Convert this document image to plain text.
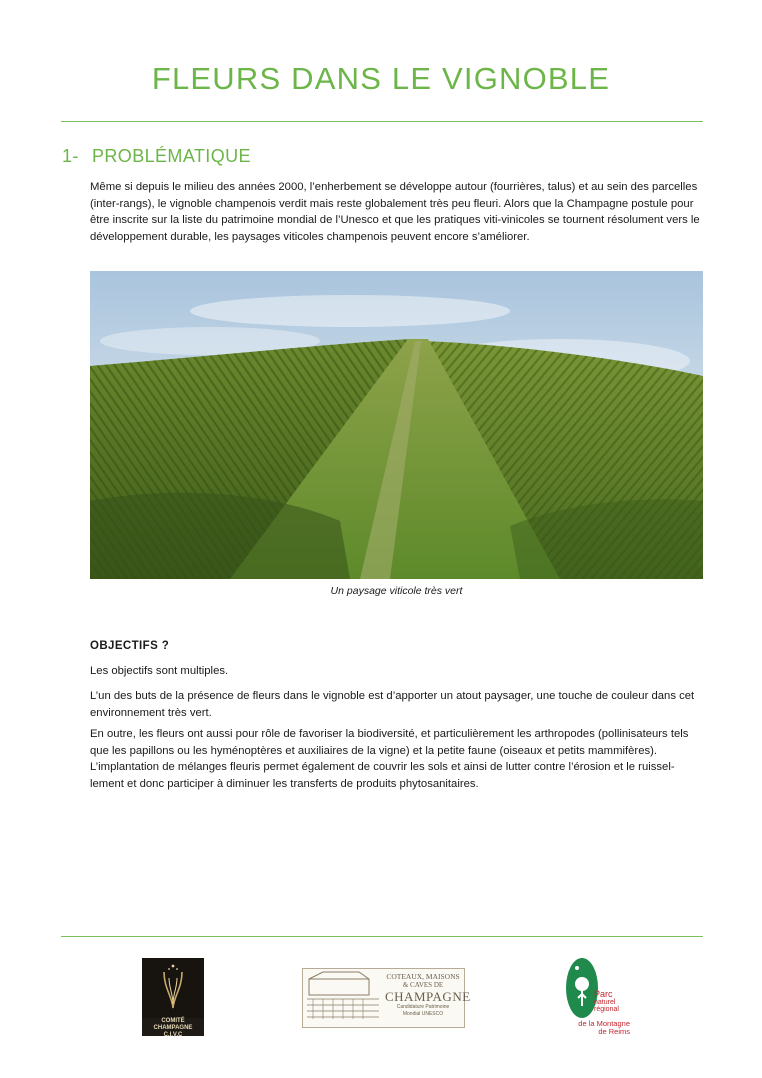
FLEURS DANS LE VIGNOBLE
1- PROBLÉMATIQUE

Même si depuis le milieu des années 2000, l’enherbement se développe autour (fourrières, talus) et au sein des parcelles (inter-rangs), le vignoble champenois verdit mais reste globalement très peu fleuri. Alors que la Champagne postule pour être inscrite sur la liste du patrimoine mondial de l’Unesco et que les pratiques viti-vinicoles se tournent résolument vers le développement durable, les paysages viticoles champenois peuvent encore s’améliorer.

Un paysage viticole très vert
OBJECTIFS ?

Les objectifs sont multiples.

L’un des buts de la présence de fleurs dans le vignoble est d’apporter un atout paysager, une touche de couleur dans cet environnement très vert.

En outre, les fleurs ont aussi pour rôle de favoriser la biodiversité, et particulièrement les arthropodes (pollinisateurs tels que les papillons ou les hyménoptères et auxiliaires de la vigne) et la petite faune (oiseaux et petits mammifères). L’implantation de mélanges fleuris permet également de couvrir les sols et ainsi de lutter contre l’érosion et le ruissel-lement et donc participer à diminuer les transferts de produits phytosanitaires.

COMITÉ
CHAMPAGNE
C.I.V.C
COTEAUX, MAISONS
& CAVES DE
CHAMPAGNE
Candidature Patrimoine
Mondial UNESCO
Parc
naturel
régional
de la Montagne
de Reims
